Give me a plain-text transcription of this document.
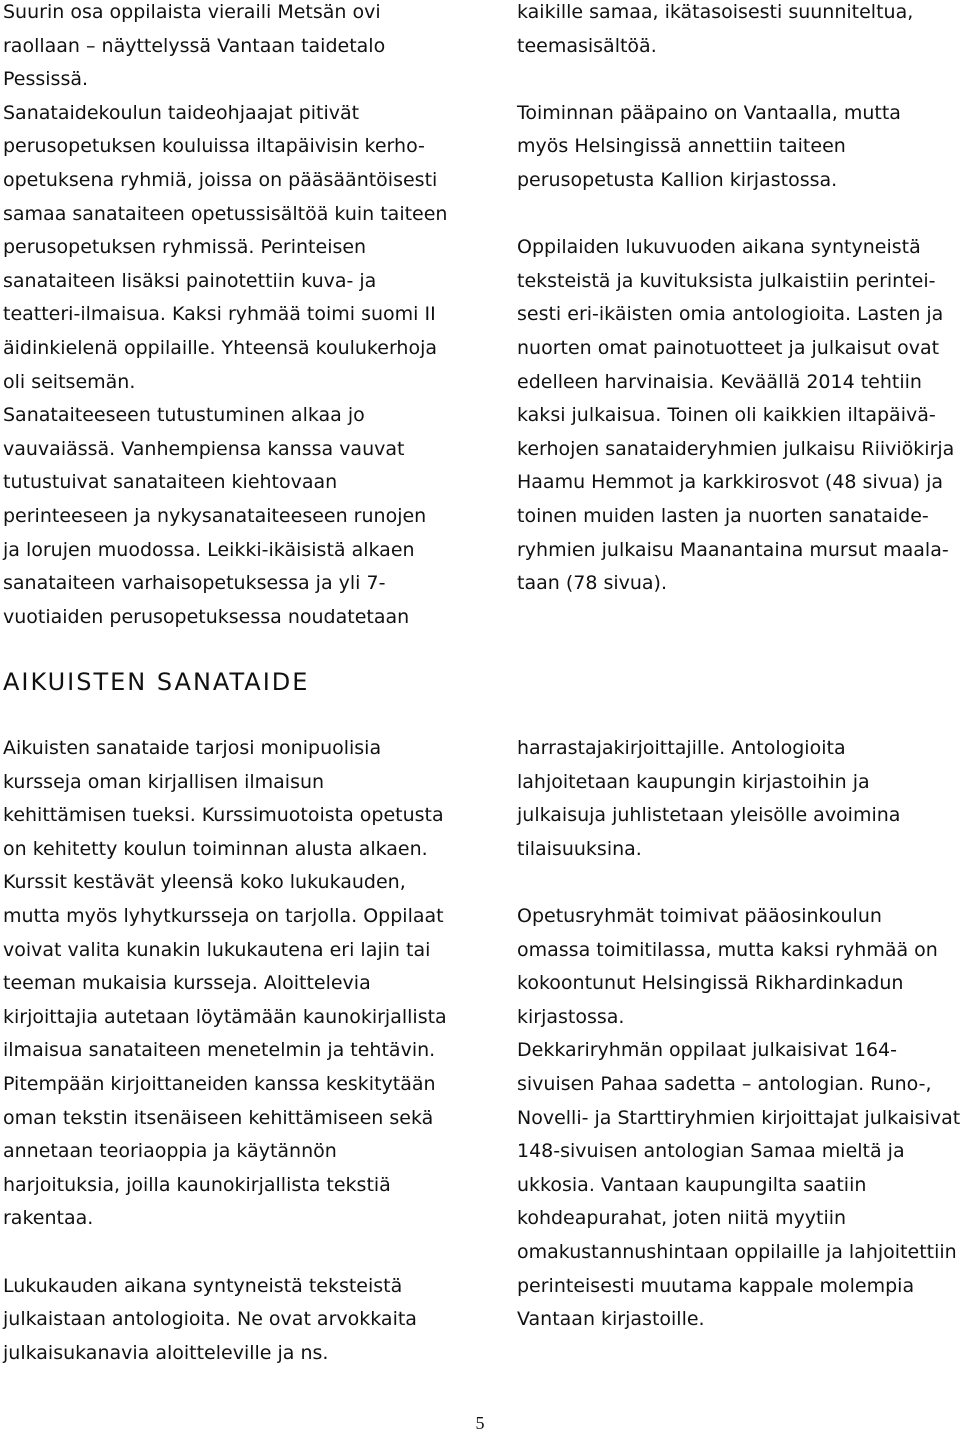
Suurin osa oppilaista vieraili Metsän ovi
raollaan – näyttelyssä Vantaan taidetalo
Pessissä.
Sanataidekoulun taideohjaajat pitivät
perusopetuksen kouluissa iltapäivisin kerho-
opetuksena ryhmiä, joissa on pääsääntöisesti
samaa sanataiteen opetussisältöä kuin taiteen
perusopetuksen ryhmissä. Perinteisen
sanataiteen lisäksi painotettiin kuva- ja
teatteri-ilmaisua. Kaksi ryhmää toimi suomi II
äidinkielenä oppilaille. Yhteensä koulukerhoja
oli seitsemän.
Sanataiteeseen tutustuminen alkaa jo
vauvaiässä. Vanhempiensa kanssa vauvat
tutustuivat sanataiteen kiehtovaan
perinteeseen ja nykysanataiteeseen runojen
ja lorujen muodossa. Leikki-ikäisistä alkaen
sanataiteen varhaisopetuksessa ja yli 7-
vuotiaiden perusopetuksessa noudatetaan
kaikille samaa, ikätasoisesti suunniteltua,
teemasisältöä.
Toiminnan pääpaino on Vantaalla, mutta
myös Helsingissä annettiin taiteen
perusopetusta Kallion kirjastossa.
Oppilaiden lukuvuoden aikana syntyneistä
teksteistä ja kuvituksista julkaistiin perintei-
sesti eri-ikäisten omia antologioita. Lasten ja
nuorten omat painotuotteet ja julkaisut ovat
edelleen harvinaisia. Keväällä 2014 tehtiin
kaksi julkaisua. Toinen oli kaikkien iltapäivä-
kerhojen sanataideryhmien julkaisu Riiviökirja
Haamu Hemmot ja karkkirosvot (48 sivua) ja
toinen muiden lasten ja nuorten sanataide-
ryhmien julkaisu Maanantaina mursut maala-
taan (78 sivua).
AIKUISTEN SANATAIDE
Aikuisten sanataide tarjosi monipuolisia
kursseja oman kirjallisen ilmaisun
kehittämisen tueksi. Kurssimuotoista opetusta
on kehitetty koulun toiminnan alusta alkaen.
Kurssit kestävät yleensä koko lukukauden,
mutta myös lyhytkursseja on tarjolla. Oppilaat
voivat valita kunakin lukukautena eri lajin tai
teeman mukaisia kursseja. Aloittelevia
kirjoittajia autetaan löytämään kaunokirjallista
ilmaisua sanataiteen menetelmin ja tehtävin.
Pitempään kirjoittaneiden kanssa keskitytään
oman tekstin itsenäiseen kehittämiseen sekä
annetaan teoriaoppia ja käytännön
harjoituksia, joilla kaunokirjallista tekstiä
rakentaa.
Lukukauden aikana syntyneistä teksteistä
julkaistaan antologioita. Ne ovat arvokkaita
julkaisukanavia aloitteleville ja ns.
harrastajakirjoittajille. Antologioita
lahjoitetaan kaupungin kirjastoihin ja
julkaisuja juhlistetaan yleisölle avoimina
tilaisuuksina.
Opetusryhmät toimivat pääosinkoulun
omassa toimitilassa, mutta kaksi ryhmää on
kokoontunut Helsingissä Rikhardinkadun
kirjastossa.
Dekkariryhmän oppilaat julkaisivat 164-
sivuisen Pahaa sadetta – antologian. Runo-,
Novelli- ja Starttiryhmien kirjoittajat julkaisivat
148-sivuisen antologian Samaa mieltä ja
ukkosia. Vantaan kaupungilta saatiin
kohdeapurahat, joten niitä myytiin
omakustannushintaan oppilaille ja lahjoitettiin
perinteisesti muutama kappale molempia
Vantaan kirjastoille.
5
